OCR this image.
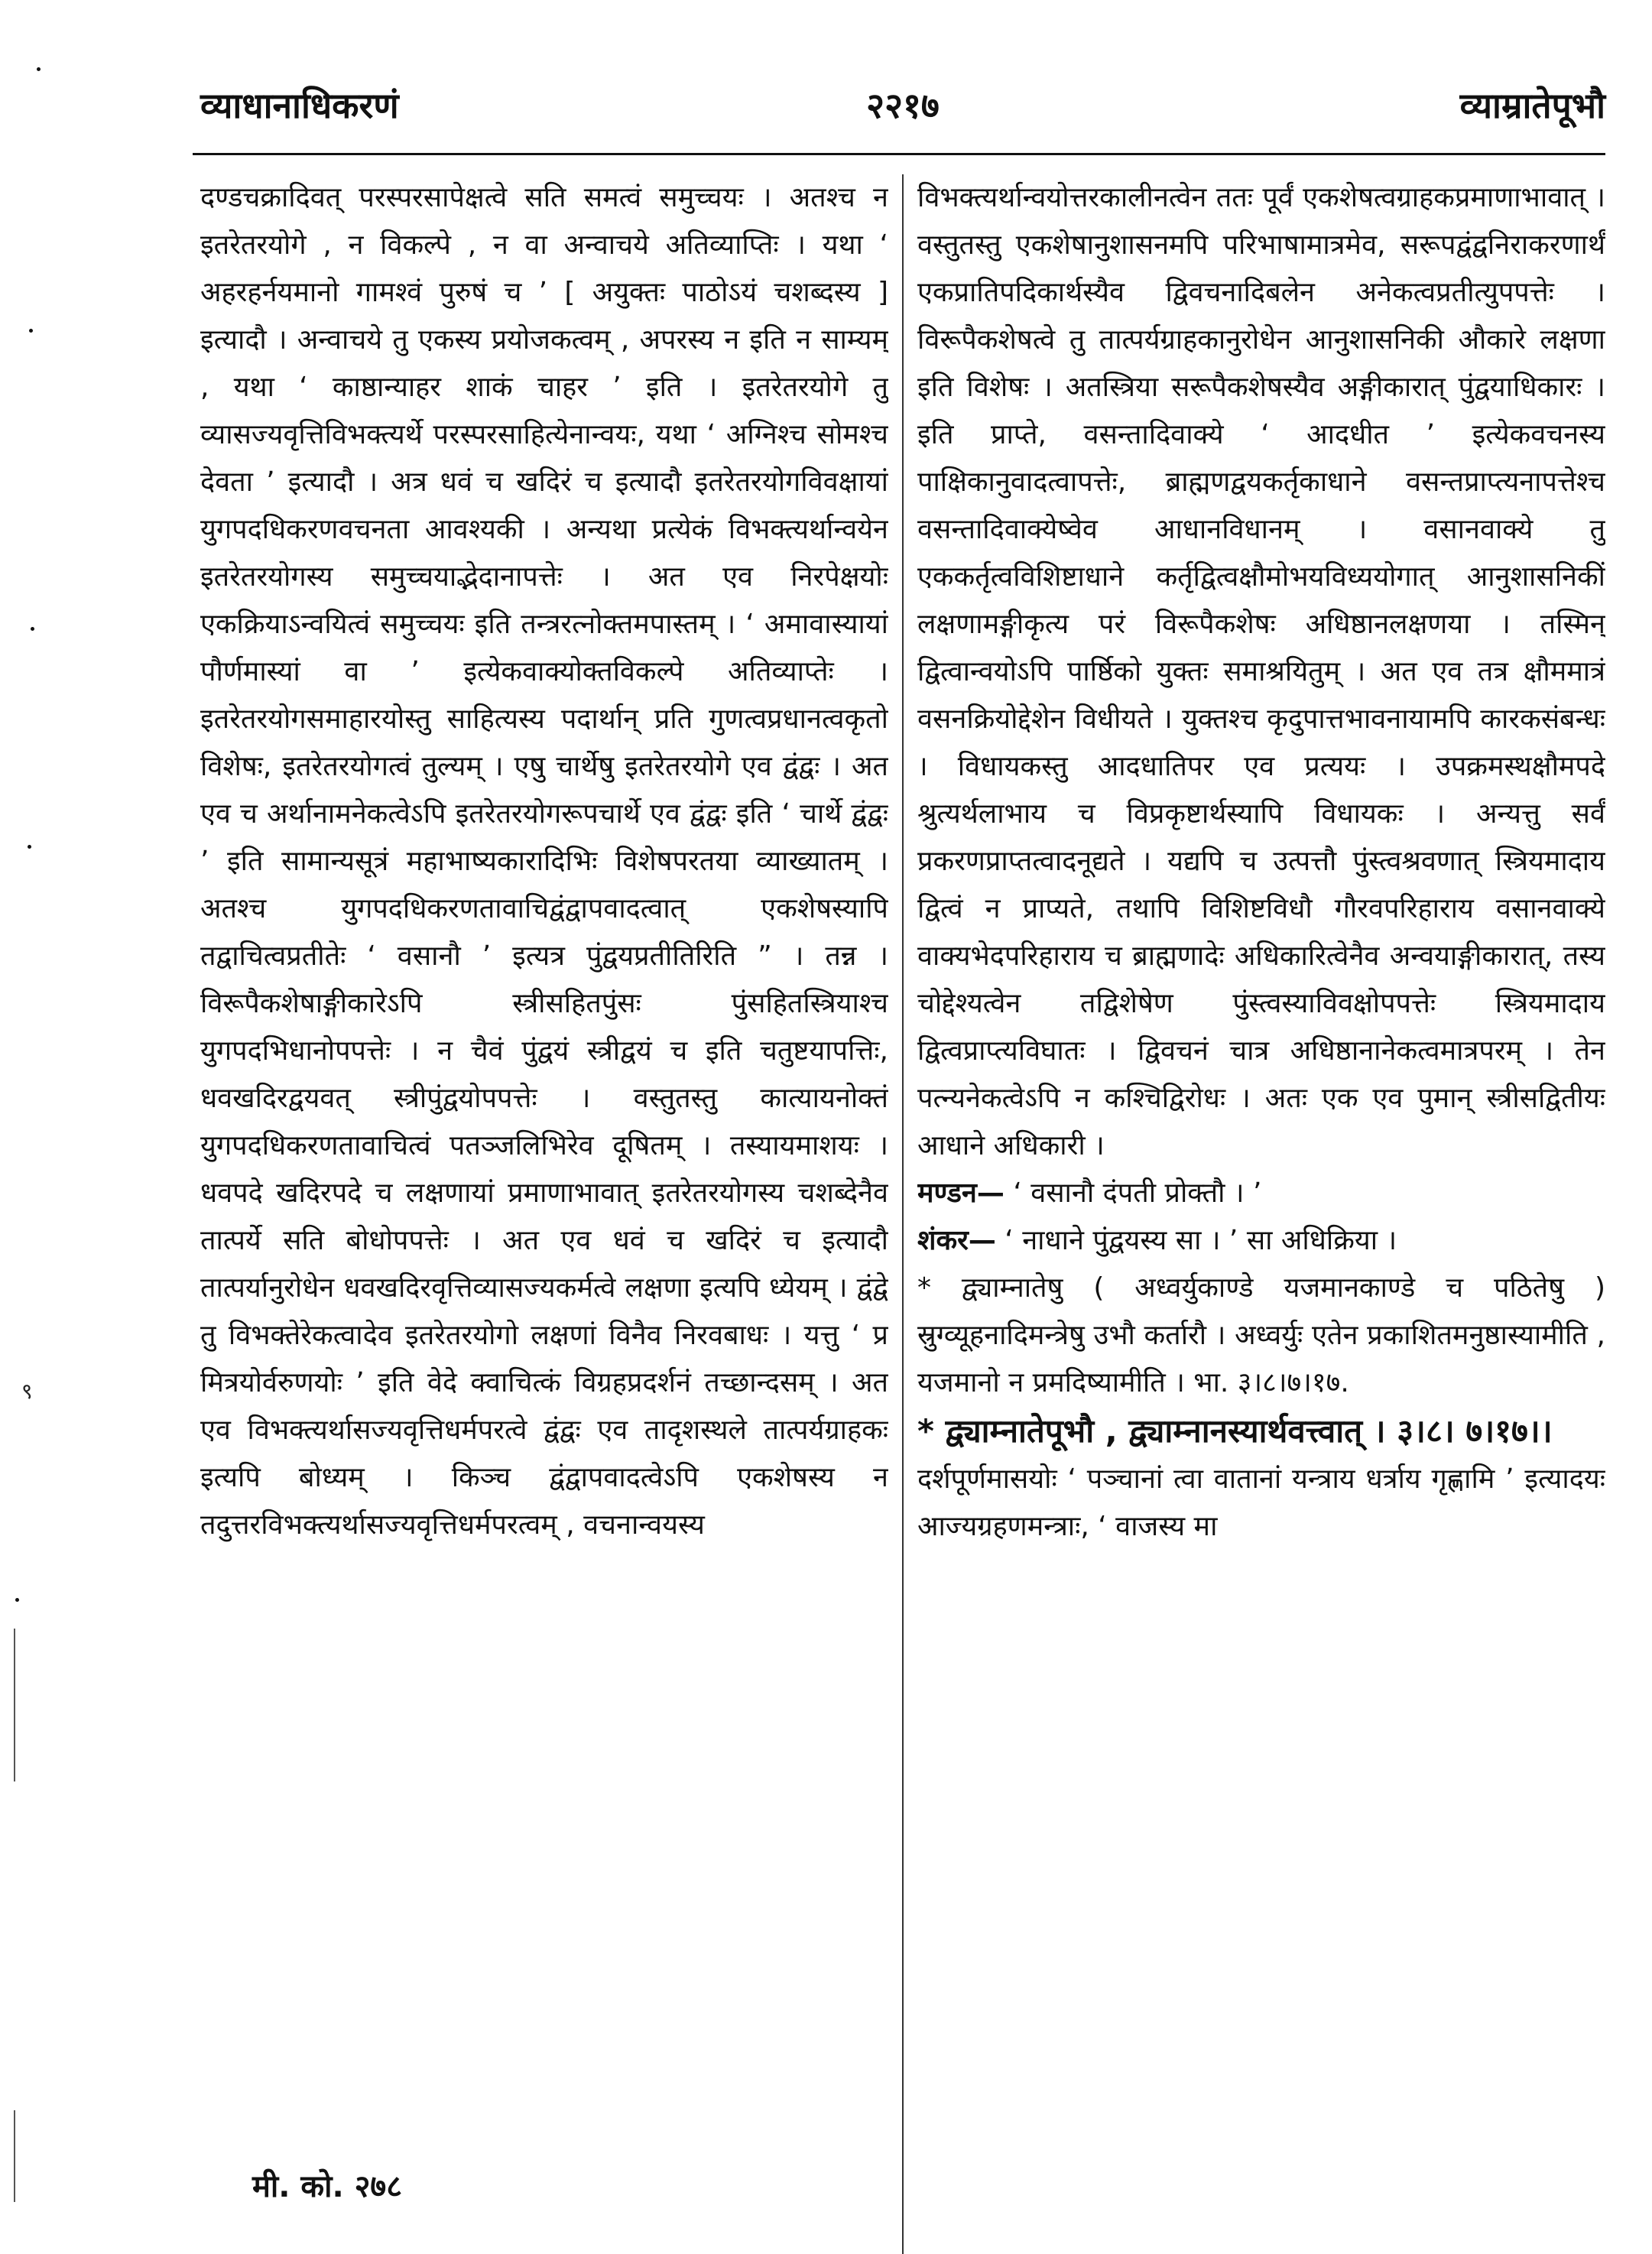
व्याधानाधिकरणं	२२१७	व्याम्रातेपूभौ

दण्डचक्रादिवत् परस्परसापेक्षत्वे सति समत्वं समुच्चयः । अतश्च न इतरेतरयोगे , न विकल्पे , न वा अन्वाचये अतिव्याप्तिः । यथा ‘ अहरहर्नयमानो गामश्वं पुरुषं च ’ [ अयुक्तः पाठोऽयं चशब्दस्य ] इत्यादौ । अन्वाचये तु एकस्य प्रयोजकत्वम् , अपरस्य न इति न साम्यम् , यथा ‘ काष्ठान्याहर शाकं चाहर ’ इति । इतरेतरयोगे तु व्यासज्यवृत्तिविभक्त्यर्थे परस्परसाहित्येनान्वयः, यथा ‘ अग्निश्च सोमश्च देवता ’ इत्यादौ । अत्र धवं च खदिरं च इत्यादौ इतरेतरयोगविवक्षायां युगपदधिकरणवचनता आवश्यकी । अन्यथा प्रत्येकं विभक्त्यर्थान्वयेन इतरेतरयोगस्य समुच्चयाद्भेदानापत्तेः । अत एव निरपेक्षयोः एकक्रियाऽन्वयित्वं समुच्चयः इति तन्त्ररत्नोक्तमपास्तम् । ‘ अमावास्यायां पौर्णमास्यां वा ’ इत्येकवाक्योक्तविकल्पे अतिव्याप्तेः । इतरेतरयोगसमाहारयोस्तु साहित्यस्य पदार्थान् प्रति गुणत्वप्रधानत्वकृतो विशेषः, इतरेतरयोगत्वं तुल्यम् । एषु चार्थेषु इतरेतरयोगे एव द्वंद्वः । अत एव च अर्थानामनेकत्वेऽपि इतरेतरयोगरूपचार्थे एव द्वंद्वः इति ‘ चार्थे द्वंद्वः ’ इति सामान्यसूत्रं महाभाष्यकारादिभिः विशेषपरतया व्याख्यातम् । अतश्च युगपदधिकरणतावाचिद्वंद्वापवादत्वात् एकशेषस्यापि तद्वाचित्वप्रतीतेः ‘ वसानौ ’ इत्यत्र पुंद्वयप्रतीतिरिति ” । तन्न । विरूपैकशेषाङ्गीकारेऽपि स्त्रीसहितपुंसः पुंसहितस्त्रियाश्च युगपदभिधानोपपत्तेः । न चैवं पुंद्वयं स्त्रीद्वयं च इति चतुष्टयापत्तिः, धवखदिरद्वयवत् स्त्रीपुंद्वयोपपत्तेः । वस्तुतस्तु कात्यायनोक्तं युगपदधिकरणतावाचित्वं पतञ्जलिभिरेव दूषितम् । तस्यायमाशयः । धवपदे खदिरपदे च लक्षणायां प्रमाणाभावात् इतरेतरयोगस्य चशब्देनैव तात्पर्ये सति बोधोपपत्तेः । अत एव धवं च खदिरं च इत्यादौ तात्पर्यानुरोधेन धवखदिरवृत्तिव्यासज्यकर्मत्वे लक्षणा इत्यपि ध्येयम् । द्वंद्वे तु विभक्तेरेकत्वादेव इतरेतरयोगो लक्षणां विनैव निरवबाधः । यत्तु ‘ प्र मित्रयोर्वरुणयोः ’ इति वेदे क्वाचित्कं विग्रहप्रदर्शनं तच्छान्दसम् । अत एव विभक्त्यर्थासज्यवृत्तिधर्मपरत्वे द्वंद्वः एव तादृशस्थले तात्पर्यग्राहकः इत्यपि बोध्यम् । किञ्च द्वंद्वापवादत्वेऽपि एकशेषस्य न तदुत्तरविभक्त्यर्थासज्यवृत्तिधर्मपरत्वम् , वचनान्वयस्य

विभक्त्यर्थान्वयोत्तरकालीनत्वेन ततः पूर्वं एकशेषत्वग्राहकप्रमाणाभावात् । वस्तुतस्तु एकशेषानुशासनमपि परिभाषामात्रमेव, सरूपद्वंद्वनिराकरणार्थं एकप्रातिपदिकार्थस्यैव द्विवचनादिबलेन अनेकत्वप्रतीत्युपपत्तेः । विरूपैकशेषत्वे तु तात्पर्यग्राहकानुरोधेन आनुशासनिकी औकारे लक्षणा इति विशेषः । अतस्त्रिया सरूपैकशेषस्यैव अङ्गीकारात् पुंद्वयाधिकारः । इति प्राप्ते, वसन्तादिवाक्ये ‘ आदधीत ’ इत्येकवचनस्य पाक्षिकानुवादत्वापत्तेः, ब्राह्मणद्वयकर्तृकाधाने वसन्तप्राप्त्यनापत्तेश्च वसन्तादिवाक्येष्वेव आधानविधानम् । वसानवाक्ये तु एककर्तृत्वविशिष्टाधाने कर्तृद्वित्वक्षौमोभयविध्ययोगात् आनुशासनिकीं लक्षणामङ्गीकृत्य परं विरूपैकशेषः अधिष्ठानलक्षणया । तस्मिन् द्वित्वान्वयोऽपि पार्ष्ठिको युक्तः समाश्रयितुम् । अत एव तत्र क्षौममात्रं वसनक्रियोद्देशेन विधीयते । युक्तश्च कृदुपात्तभावनायामपि कारकसंबन्धः । विधायकस्तु आदधातिपर एव प्रत्ययः । उपक्रमस्थक्षौमपदे श्रुत्यर्थलाभाय च विप्रकृष्टार्थस्यापि विधायकः । अन्यत्तु सर्वं प्रकरणप्राप्तत्वादनूद्यते । यद्यपि च उत्पत्तौ पुंस्त्वश्रवणात् स्त्रियमादाय द्वित्वं न प्राप्यते, तथापि विशिष्टविधौ गौरवपरिहाराय वसानवाक्ये वाक्यभेदपरिहाराय च ब्राह्मणादेः अधिकारित्वेनैव अन्वयाङ्गीकारात्, तस्य चोद्देश्यत्वेन तद्विशेषेण पुंस्त्वस्याविवक्षोपपत्तेः स्त्रियमादाय द्वित्वप्राप्त्यविघातः । द्विवचनं चात्र अधिष्ठानानेकत्वमात्रपरम् । तेन पत्न्यनेकत्वेऽपि न कश्चिद्विरोधः । अतः एक एव पुमान् स्त्रीसद्वितीयः आधाने अधिकारी ।

मण्डन— ‘ वसानौ दंपती प्रोक्तौ । ’

शंकर— ‘ नाधाने पुंद्वयस्य सा । ’ सा अधिक्रिया ।

* द्व्याम्नातेषु ( अध्वर्युकाण्डे यजमानकाण्डे च पठितेषु ) स्रुग्व्यूहनादिमन्त्रेषु उभौ कर्तारौ । अध्वर्युः एतेन प्रकाशितमनुष्ठास्यामीति , यजमानो न प्रमदिष्यामीति । भा. ३।८।७।१७.

* द्व्याम्नातेपूभौ , द्व्याम्नानस्यार्थवत्त्वात् । ३।८। ७।१७।।

दर्शपूर्णमासयोः ‘ पञ्चानां त्वा वातानां यन्त्राय धर्त्राय गृह्णामि ’ इत्यादयः आज्यग्रहणमन्त्राः, ‘ वाजस्य मा

मी. को. २७८
९
